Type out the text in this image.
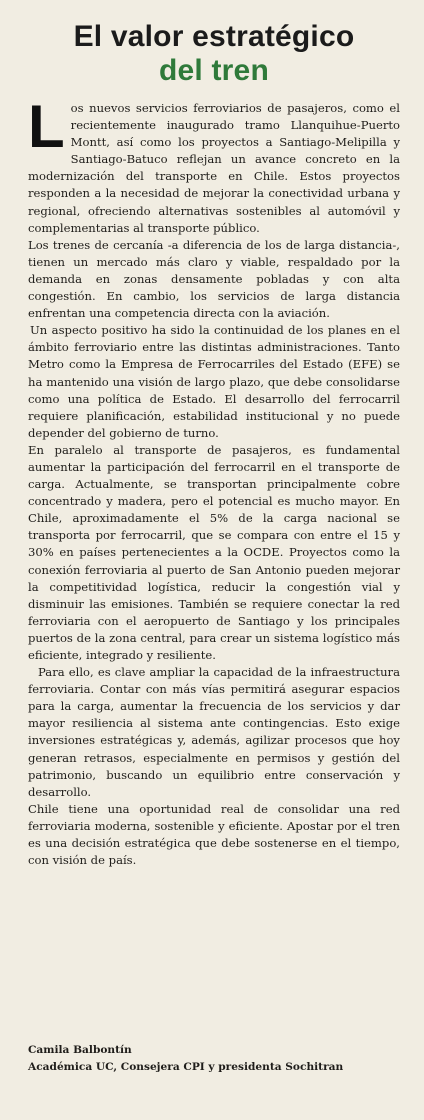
El valor estratégico
del tren

Los nuevos servicios ferroviarios de pasajeros, como el recientemente inaugurado tramo Llanquihue-Puerto Montt, así como los proyectos a Santiago-Melipilla y Santiago-Batuco reflejan un avance concreto en la modernización del transporte en Chile. Estos proyectos responden a la necesidad de mejorar la conectividad urbana y regional, ofreciendo alternativas sostenibles al automóvil y complementarias al transporte público.

Los trenes de cercanía -a diferencia de los de larga distancia-, tienen un mercado más claro y viable, respaldado por la demanda en zonas densamente pobladas y con alta congestión. En cambio, los servicios de larga distancia enfrentan una competencia directa con la aviación.

Un aspecto positivo ha sido la continuidad de los planes en el ámbito ferroviario entre las distintas administraciones. Tanto Metro como la Empresa de Ferrocarriles del Estado (EFE) se ha mantenido una visión de largo plazo, que debe consolidarse como una política de Estado. El desarrollo del ferrocarril requiere planificación, estabilidad institucional y no puede depender del gobierno de turno.

En paralelo al transporte de pasajeros, es fundamental aumentar la participación del ferrocarril en el transporte de carga. Actualmente, se transportan principalmente cobre concentrado y madera, pero el potencial es mucho mayor. En Chile, aproximadamente el 5% de la carga nacional se transporta por ferrocarril, que se compara con entre el 15 y 30% en países pertenecientes a la OCDE. Proyectos como la conexión ferroviaria al puerto de San Antonio pueden mejorar la competitividad logística, reducir la congestión vial y disminuir las emisiones. También se requiere conectar la red ferroviaria con el aeropuerto de Santiago y los principales puertos de la zona central, para crear un sistema logístico más eficiente, integrado y resiliente.

Para ello, es clave ampliar la capacidad de la infraestructura ferroviaria. Contar con más vías permitirá asegurar espacios para la carga, aumentar la frecuencia de los servicios y dar mayor resiliencia al sistema ante contingencias. Esto exige inversiones estratégicas y, además, agilizar procesos que hoy generan retrasos, especialmente en permisos y gestión del patrimonio, buscando un equilibrio entre conservación y desarrollo.

Chile tiene una oportunidad real de consolidar una red ferroviaria moderna, sostenible y eficiente. Apostar por el tren es una decisión estratégica que debe sostenerse en el tiempo, con visión de país.

Camila Balbontín
Académica UC, Consejera CPI y presidenta Sochitran
